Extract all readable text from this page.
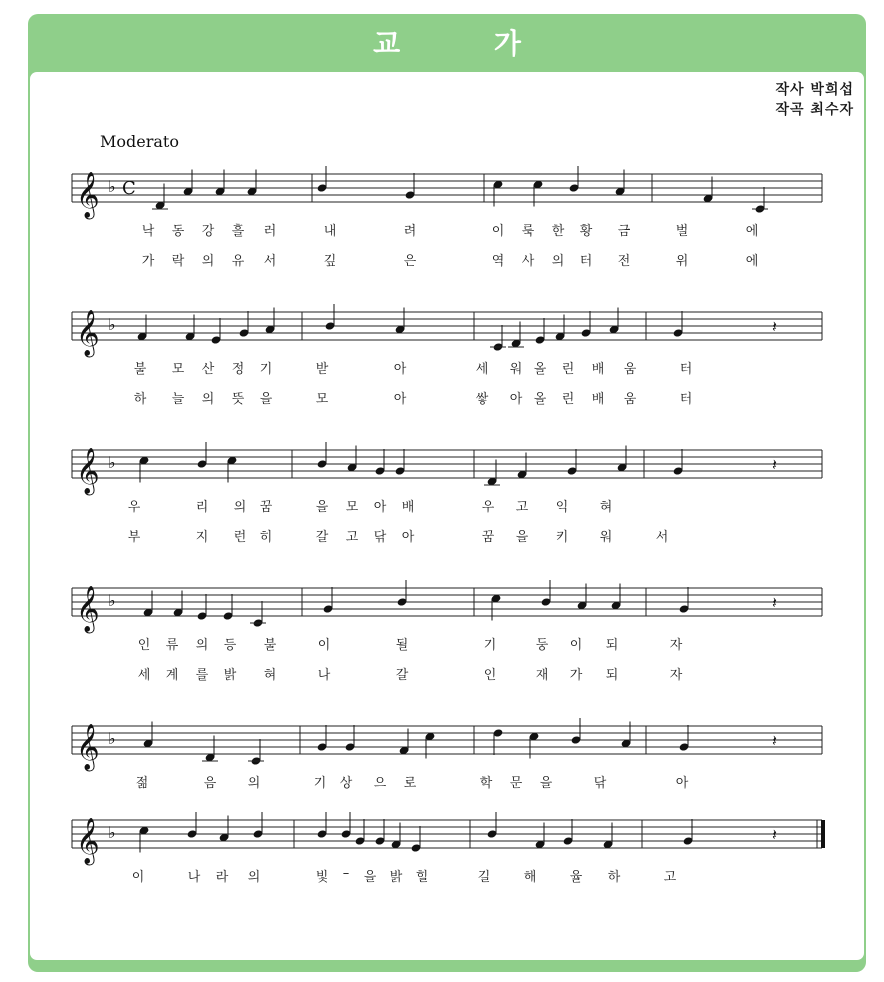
교 가
작사 박희섭
작곡 최수자
Moderato
𝄞 ♭ C
낙 동 강 흘 러	내	려	이 룩 한 황 금	벌	에
가 락 의 유 서	깊	은	역 사 의 터 전	위	에
𝄞 ♭	𝄽
불 모 산 정 기	받	아	세 워 올 린 배 움	터
하 늘 의 뜻 을	모	아	쌓 아 올 린 배 움	터
𝄞 ♭	𝄽
우	리 의 꿈	을 모 아 배	우 고 익 혀
부	지 런 히	갈 고 닦 아	꿈 을 키 워	서
𝄞 ♭	𝄽
인 류 의 등 불	이	될	기	둥 이 되	자
세 계 를 밝 혀	나	갈	인	재 가 되	자
𝄞 ♭	𝄽
젊	음 의	기 상 으 로	학 문 을	닦	아
𝄞 ♭	𝄽
이	나 라 의	빛 – 을 밝 힐	길	해	율 하	고
